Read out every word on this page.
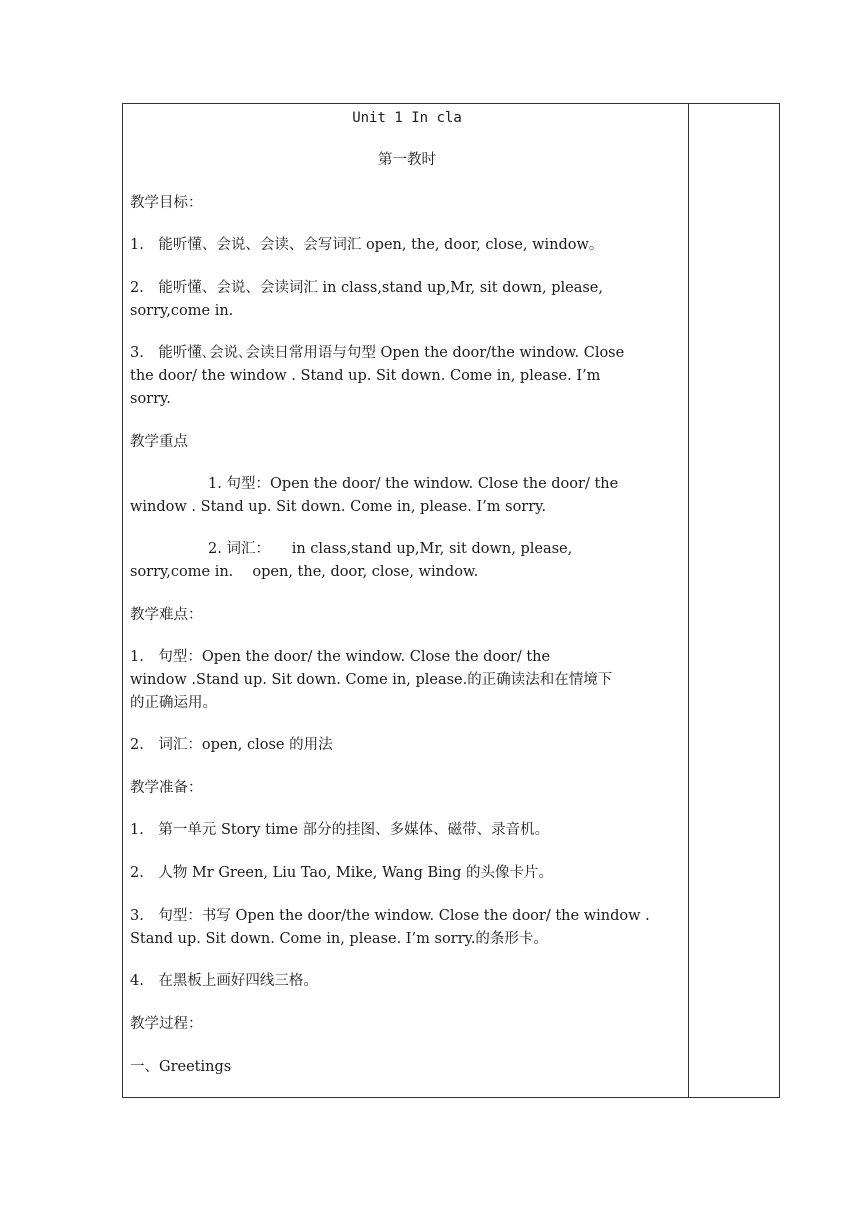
Unit 1 In cla
第一教时
教学目标：
1.　能听懂、会说、会读、会写词汇 open, the, door, close, window。
2.　能听懂、会说、会读词汇 in class,stand up,Mr, sit down, please,
sorry,come in.
3.　能听懂､会说､会读日常用语与句型 Open the door/the window. Close
the door/ the window . Stand up. Sit down. Come in, please. I’m
sorry.
教学重点
1. 句型：Open the door/ the window. Close the door/ the
window . Stand up. Sit down. Come in, please. I’m sorry.
2. 词汇：　　in class,stand up,Mr, sit down, please,
sorry,come in.　 open, the, door, close, window.
教学难点：
1.　句型：Open the door/ the window. Close the door/ the
window .Stand up. Sit down. Come in, please.的正确读法和在情境下
的正确运用。
2.　词汇：open, close 的用法
教学准备：
1.　第一单元 Story time 部分的挂图、多媒体、磁带、录音机。
2.　人物 Mr Green, Liu Tao, Mike, Wang Bing 的头像卡片。
3.　句型：书写 Open the door/the window. Close the door/ the window .
Stand up. Sit down. Come in, please. I’m sorry.的条形卡。
4.　在黑板上画好四线三格。
教学过程：
一、Greetings
